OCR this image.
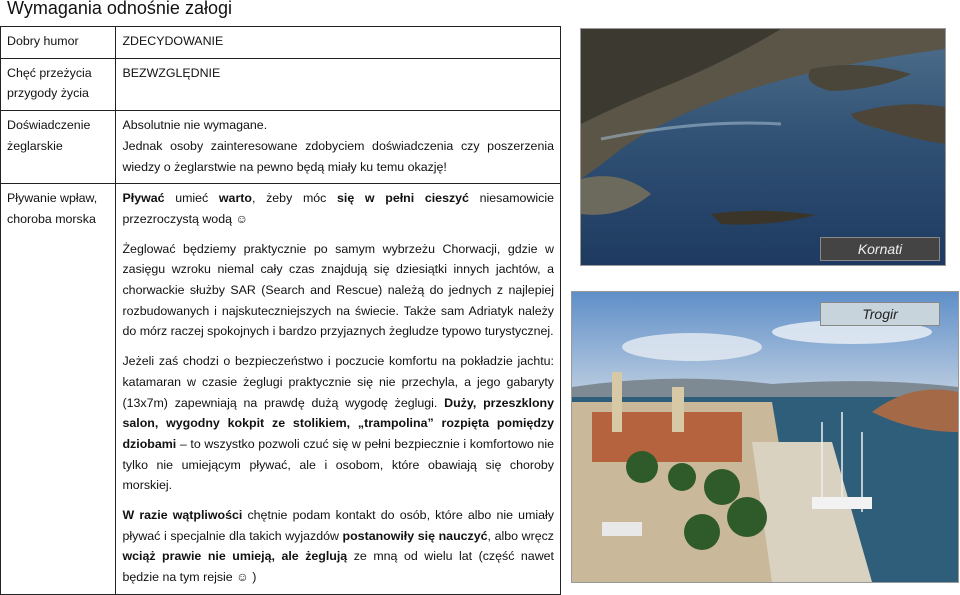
Wymagania odnośnie załogi
Dobry humor	ZDECYDOWANIE
Chęć przeżycia przygody życia	BEZWZGLĘDNIE
Doświadczenie żeglarskie	Absolutnie nie wymagane.
Jednak osoby zainteresowane zdobyciem doświadczenia czy poszerzenia wiedzy o żeglarstwie na pewno będą miały ku temu okazję!

Pływanie wpław, choroba morska	Pływać umieć warto, żeby móc się w pełni cieszyć niesamowicie przezroczystą wodą ☺
Żeglować będziemy praktycznie po samym wybrzeżu Chorwacji, gdzie w zasięgu wzroku niemal cały czas znajdują się dziesiątki innych jachtów, a chorwackie służby SAR (Search and Rescue) należą do jednych z najlepiej rozbudowanych i najskuteczniejszych na świecie. Także sam Adriatyk należy do mórz raczej spokojnych i bardzo przyjaznych żegludze typowo turystycznej.
Jeżeli zaś chodzi o bezpieczeństwo i poczucie komfortu na pokładzie jachtu: katamaran w czasie żeglugi praktycznie się nie przechyla, a jego gabaryty (13x7m) zapewniają na prawdę dużą wygodę żeglugi. Duży, przeszklony salon, wygodny kokpit ze stolikiem, „trampolina” rozpięta pomiędzy dziobami – to wszystko pozwoli czuć się w pełni bezpiecznie i komfortowo nie tylko nie umiejącym pływać, ale i osobom, które obawiają się choroby morskiej.
W razie wątpliwości chętnie podam kontakt do osób, które albo nie umiały pływać i specjalnie dla takich wyjazdów postanowiły się nauczyć, albo wręcz wciąż prawie nie umieją, ale żeglują ze mną od wielu lat (część nawet będzie na tym rejsie ☺ )
Kornati
Trogir
